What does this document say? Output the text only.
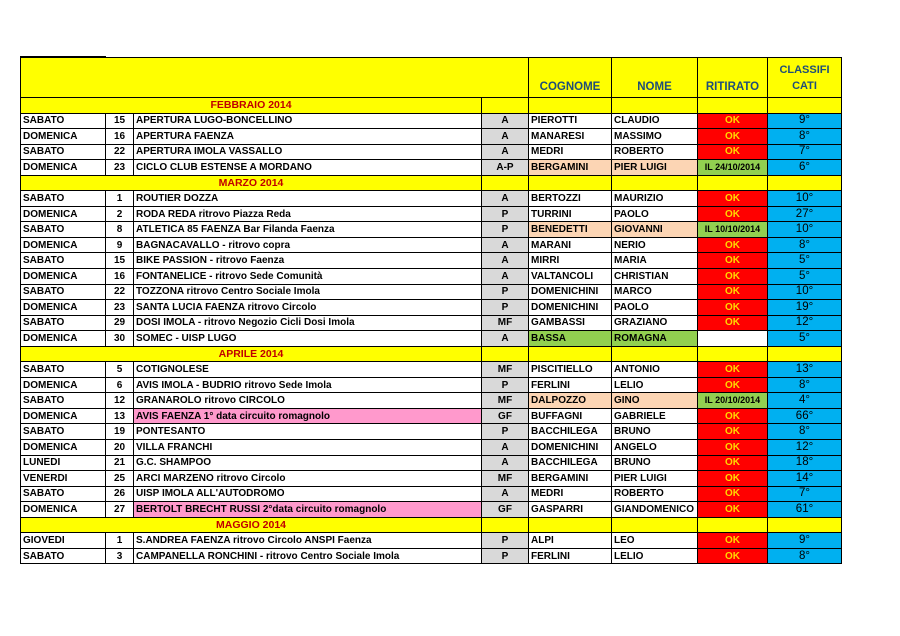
				COGNOME	NOME	RITIRATO	CLASSIFI CATI
FEBBRAIO 2014							
SABATO	15	APERTURA LUGO-BONCELLINO	A	PIEROTTI	CLAUDIO	OK	9°
DOMENICA	16	APERTURA FAENZA	A	MANARESI	MASSIMO	OK	8°
SABATO	22	APERTURA IMOLA VASSALLO	A	MEDRI	ROBERTO	OK	7°
DOMENICA	23	CICLO CLUB ESTENSE A MORDANO	A-P	BERGAMINI	PIER LUIGI	IL 24/10/2014	6°
MARZO 2014							
SABATO	1	ROUTIER DOZZA	A	BERTOZZI	MAURIZIO	OK	10°
DOMENICA	2	RODA REDA ritrovo Piazza Reda	P	TURRINI	PAOLO	OK	27°
SABATO	8	ATLETICA 85 FAENZA Bar Filanda Faenza	P	BENEDETTI	GIOVANNI	IL 10/10/2014	10°
DOMENICA	9	BAGNACAVALLO - ritrovo copra	A	MARANI	NERIO	OK	8°
SABATO	15	BIKE PASSION - ritrovo Faenza	A	MIRRI	MARIA	OK	5°
DOMENICA	16	FONTANELICE - ritrovo Sede Comunità	A	VALTANCOLI	CHRISTIAN	OK	5°
SABATO	22	TOZZONA ritrovo Centro Sociale Imola	P	DOMENICHINI	MARCO	OK	10°
DOMENICA	23	SANTA LUCIA FAENZA ritrovo Circolo	P	DOMENICHINI	PAOLO	OK	19°
SABATO	29	DOSI IMOLA - ritrovo Negozio Cicli Dosi Imola	MF	GAMBASSI	GRAZIANO	OK	12°
DOMENICA	30	SOMEC - UISP LUGO	A	BASSA	ROMAGNA		5°
APRILE 2014							
SABATO	5	COTIGNOLESE	MF	PISCITIELLO	ANTONIO	OK	13°
DOMENICA	6	AVIS IMOLA - BUDRIO ritrovo Sede Imola	P	FERLINI	LELIO	OK	8°
SABATO	12	GRANAROLO ritrovo CIRCOLO	MF	DALPOZZO	GINO	IL 20/10/2014	4°
DOMENICA	13	AVIS FAENZA 1° data circuito romagnolo	GF	BUFFAGNI	GABRIELE	OK	66°
SABATO	19	PONTESANTO	P	BACCHILEGA	BRUNO	OK	8°
DOMENICA	20	VILLA FRANCHI	A	DOMENICHINI	ANGELO	OK	12°
LUNEDI	21	G.C. SHAMPOO	A	BACCHILEGA	BRUNO	OK	18°
VENERDI	25	ARCI MARZENO ritrovo Circolo	MF	BERGAMINI	PIER LUIGI	OK	14°
SABATO	26	UISP IMOLA ALL'AUTODROMO	A	MEDRI	ROBERTO	OK	7°
DOMENICA	27	BERTOLT BRECHT RUSSI 2°data circuito romagnolo	GF	GASPARRI	GIANDOMENICO	OK	61°
MAGGIO 2014							
GIOVEDI	1	S.ANDREA FAENZA ritrovo Circolo ANSPI Faenza	P	ALPI	LEO	OK	9°
SABATO	3	CAMPANELLA RONCHINI - ritrovo Centro Sociale Imola	P	FERLINI	LELIO	OK	8°
